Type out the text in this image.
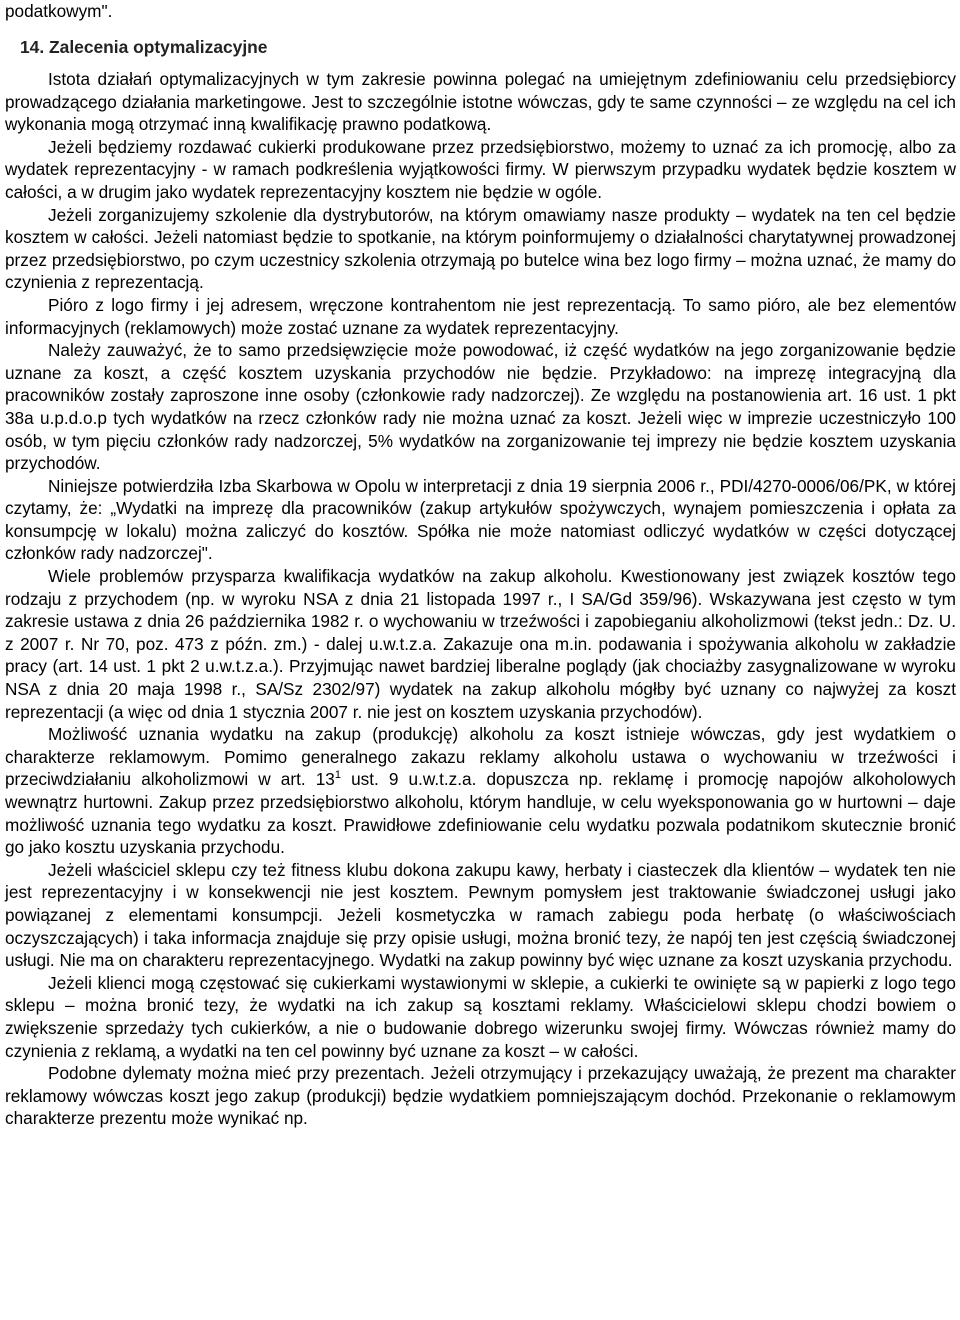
podatkowym".

14. Zalecenia optymalizacyjne

Istota działań optymalizacyjnych w tym zakresie powinna polegać na umiejętnym zdefiniowaniu celu przedsiębiorcy prowadzącego działania marketingowe. Jest to szczególnie istotne wówczas, gdy te same czynności – ze względu na cel ich wykonania mogą otrzymać inną kwalifikację prawno podatkową.

Jeżeli będziemy rozdawać cukierki produkowane przez przedsiębiorstwo, możemy to uznać za ich promocję, albo za wydatek reprezentacyjny - w ramach podkreślenia wyjątkowości firmy. W pierwszym przypadku wydatek będzie kosztem w całości, a w drugim jako wydatek reprezentacyjny kosztem nie będzie w ogóle.

Jeżeli zorganizujemy szkolenie dla dystrybutorów, na którym omawiamy nasze produkty – wydatek na ten cel będzie kosztem w całości. Jeżeli natomiast będzie to spotkanie, na którym poinformujemy o działalności charytatywnej prowadzonej przez przedsiębiorstwo, po czym uczestnicy szkolenia otrzymają po butelce wina bez logo firmy – można uznać, że mamy do czynienia z reprezentacją.

Pióro z logo firmy i jej adresem, wręczone kontrahentom nie jest reprezentacją. To samo pióro, ale bez elementów informacyjnych (reklamowych) może zostać uznane za wydatek reprezentacyjny.

Należy zauważyć, że to samo przedsięwzięcie może powodować, iż część wydatków na jego zorganizowanie będzie uznane za koszt, a część kosztem uzyskania przychodów nie będzie. Przykładowo: na imprezę integracyjną dla pracowników zostały zaproszone inne osoby (członkowie rady nadzorczej). Ze względu na postanowienia art. 16 ust. 1 pkt 38a u.p.d.o.p tych wydatków na rzecz członków rady nie można uznać za koszt. Jeżeli więc w imprezie uczestniczyło 100 osób, w tym pięciu członków rady nadzorczej, 5% wydatków na zorganizowanie tej imprezy nie będzie kosztem uzyskania przychodów.

Niniejsze potwierdziła Izba Skarbowa w Opolu w interpretacji z dnia 19 sierpnia 2006 r., PDI/4270-0006/06/PK, w której czytamy, że: „Wydatki na imprezę dla pracowników (zakup artykułów spożywczych, wynajem pomieszczenia i opłata za konsumpcję w lokalu) można zaliczyć do kosztów. Spółka nie może natomiast odliczyć wydatków w części dotyczącej członków rady nadzorczej".

Wiele problemów przysparza kwalifikacja wydatków na zakup alkoholu. Kwestionowany jest związek kosztów tego rodzaju z przychodem (np. w wyroku NSA z dnia 21 listopada 1997 r., I SA/Gd 359/96). Wskazywana jest często w tym zakresie ustawa z dnia 26 października 1982 r. o wychowaniu w trzeźwości i zapobieganiu alkoholizmowi (tekst jedn.: Dz. U. z 2007 r. Nr 70, poz. 473 z późn. zm.) - dalej u.w.t.z.a. Zakazuje ona m.in. podawania i spożywania alkoholu w zakładzie pracy (art. 14 ust. 1 pkt 2 u.w.t.z.a.). Przyjmując nawet bardziej liberalne poglądy (jak chociażby zasygnalizowane w wyroku NSA z dnia 20 maja 1998 r., SA/Sz 2302/97) wydatek na zakup alkoholu mógłby być uznany co najwyżej za koszt reprezentacji (a więc od dnia 1 stycznia 2007 r. nie jest on kosztem uzyskania przychodów).

Możliwość uznania wydatku na zakup (produkcję) alkoholu za koszt istnieje wówczas, gdy jest wydatkiem o charakterze reklamowym. Pomimo generalnego zakazu reklamy alkoholu ustawa o wychowaniu w trzeźwości i przeciwdziałaniu alkoholizmowi w art. $13^1$ ust. 9 u.w.t.z.a. dopuszcza np. reklamę i promocję napojów alkoholowych wewnątrz hurtowni. Zakup przez przedsiębiorstwo alkoholu, którym handluje, w celu wyeksponowania go w hurtowni – daje możliwość uznania tego wydatku za koszt. Prawidłowe zdefiniowanie celu wydatku pozwala podatnikom skutecznie bronić go jako kosztu uzyskania przychodu.

Jeżeli właściciel sklepu czy też fitness klubu dokona zakupu kawy, herbaty i ciasteczek dla klientów – wydatek ten nie jest reprezentacyjny i w konsekwencji nie jest kosztem. Pewnym pomysłem jest traktowanie świadczonej usługi jako powiązanej z elementami konsumpcji. Jeżeli kosmetyczka w ramach zabiegu poda herbatę (o właściwościach oczyszczających) i taka informacja znajduje się przy opisie usługi, można bronić tezy, że napój ten jest częścią świadczonej usługi. Nie ma on charakteru reprezentacyjnego. Wydatki na zakup powinny być więc uznane za koszt uzyskania przychodu.

Jeżeli klienci mogą częstować się cukierkami wystawionymi w sklepie, a cukierki te owinięte są w papierki z logo tego sklepu – można bronić tezy, że wydatki na ich zakup są kosztami reklamy. Właścicielowi sklepu chodzi bowiem o zwiększenie sprzedaży tych cukierków, a nie o budowanie dobrego wizerunku swojej firmy. Wówczas również mamy do czynienia z reklamą, a wydatki na ten cel powinny być uznane za koszt – w całości.

Podobne dylematy można mieć przy prezentach. Jeżeli otrzymujący i przekazujący uważają, że prezent ma charakter reklamowy wówczas koszt jego zakup (produkcji) będzie wydatkiem pomniejszającym dochód. Przekonanie o reklamowym charakterze prezentu może wynikać np.
